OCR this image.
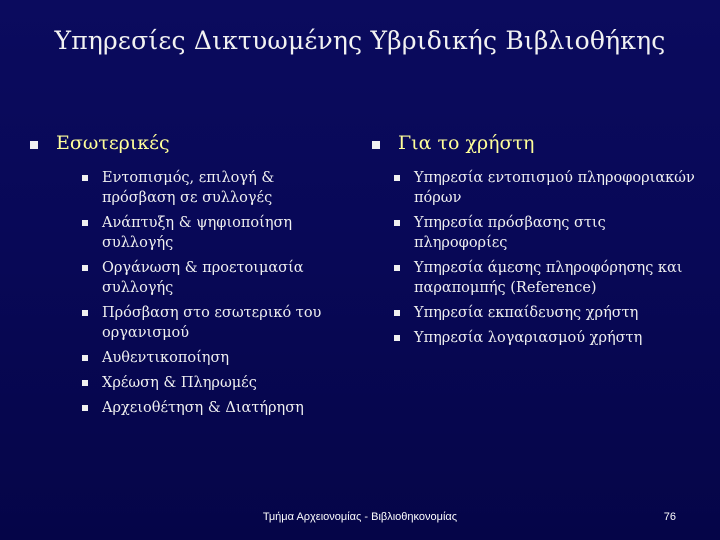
Υπηρεσίες Δικτυωμένης Υβριδικής Βιβλιοθήκης
Εσωτερικές
Εντοπισμός, επιλογή & πρόσβαση σε συλλογές
Ανάπτυξη & ψηφιοποίηση συλλογής
Οργάνωση & προετοιμασία συλλογής
Πρόσβαση στο εσωτερικό του οργανισμού
Αυθεντικοποίηση
Χρέωση & Πληρωμές
Αρχειοθέτηση & Διατήρηση
Για το χρήστη
Υπηρεσία εντοπισμού πληροφοριακών πόρων
Υπηρεσία πρόσβασης στις πληροφορίες
Υπηρεσία άμεσης πληροφόρησης και παραπομπής (Reference)
Υπηρεσία εκπαίδευσης χρήστη
Υπηρεσία λογαριασμού χρήστη
Τμήμα Αρχειονομίας - Βιβλιοθηκονομίας	76
